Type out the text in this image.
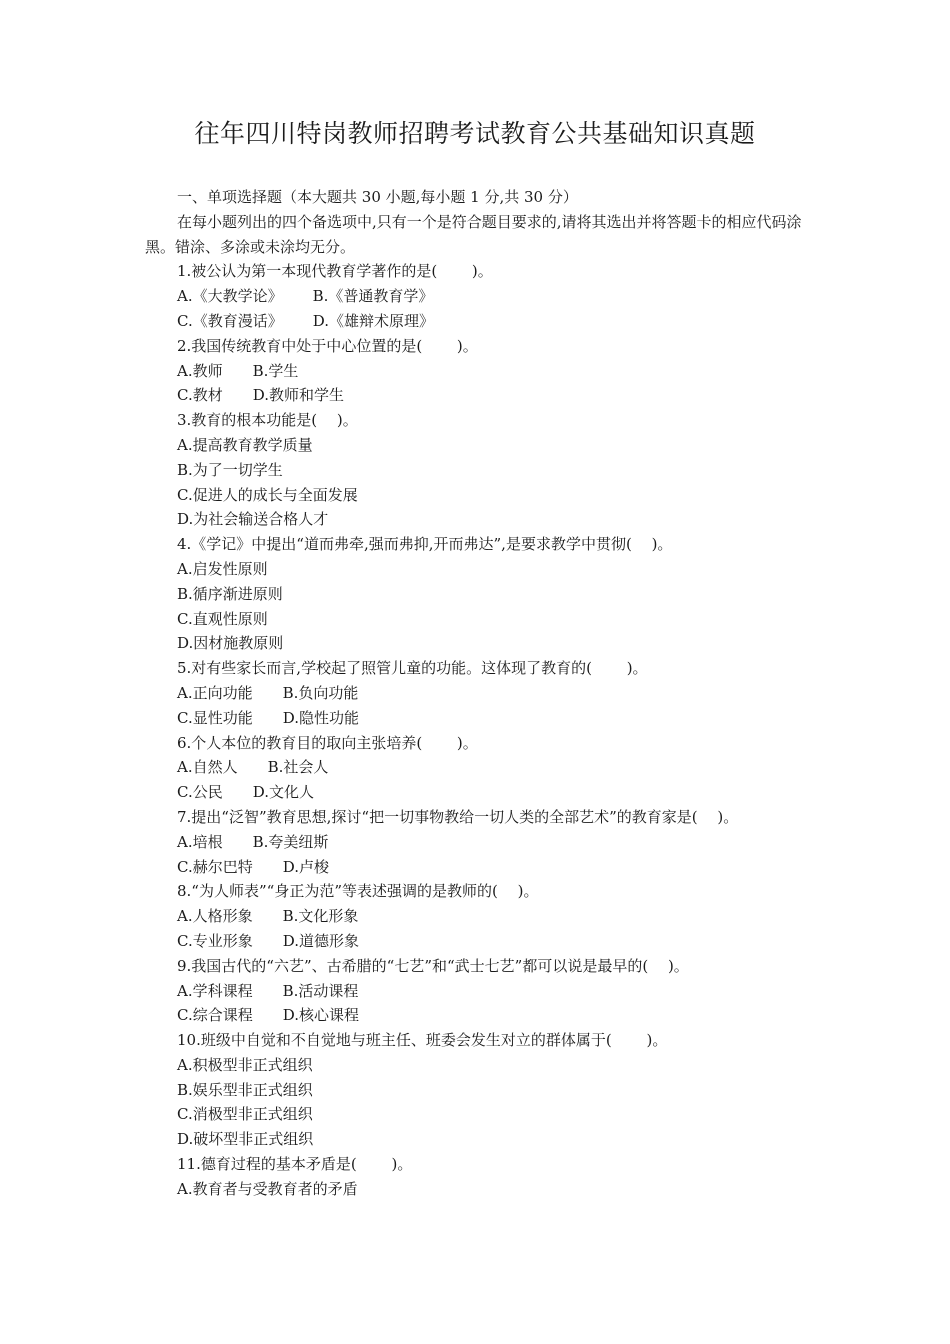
往年四川特岗教师招聘考试教育公共基础知识真题
一、单项选择题（本大题共 30 小题,每小题 1 分,共 30 分）
在每小题列出的四个备选项中,只有一个是符合题目要求的,请将其选出并将答题卡的相应代码涂黑。错涂、多涂或未涂均无分。
1.被公认为第一本现代教育学著作的是(　　 )。
A.《大教学论》 B.《普通教育学》
C.《教育漫话》 D.《雄辩术原理》
2.我国传统教育中处于中心位置的是(　　 )。
A.教师 B.学生
C.教材 D.教师和学生
3.教育的根本功能是(　 )。
A.提高教育教学质量
B.为了一切学生
C.促进人的成长与全面发展
D.为社会输送合格人才
4.《学记》中提出“道而弗牵,强而弗抑,开而弗达”,是要求教学中贯彻(　 )。
A.启发性原则
B.循序渐进原则
C.直观性原则
D.因材施教原则
5.对有些家长而言,学校起了照管儿童的功能。这体现了教育的(　　 )。
A.正向功能 B.负向功能
C.显性功能 D.隐性功能
6.个人本位的教育目的取向主张培养(　　 )。
A.自然人 B.社会人
C.公民 D.文化人
7.提出“泛智”教育思想,探讨“把一切事物教给一切人类的全部艺术”的教育家是(　 )。
A.培根 B.夸美纽斯
C.赫尔巴特 D.卢梭
8.“为人师表”“身正为范”等表述强调的是教师的(　 )。
A.人格形象 B.文化形象
C.专业形象 D.道德形象
9.我国古代的“六艺”、古希腊的“七艺”和“武士七艺”都可以说是最早的(　 )。
A.学科课程 B.活动课程
C.综合课程 D.核心课程
10.班级中自觉和不自觉地与班主任、班委会发生对立的群体属于(　　 )。
A.积极型非正式组织
B.娱乐型非正式组织
C.消极型非正式组织
D.破坏型非正式组织
11.德育过程的基本矛盾是(　　 )。
A.教育者与受教育者的矛盾
